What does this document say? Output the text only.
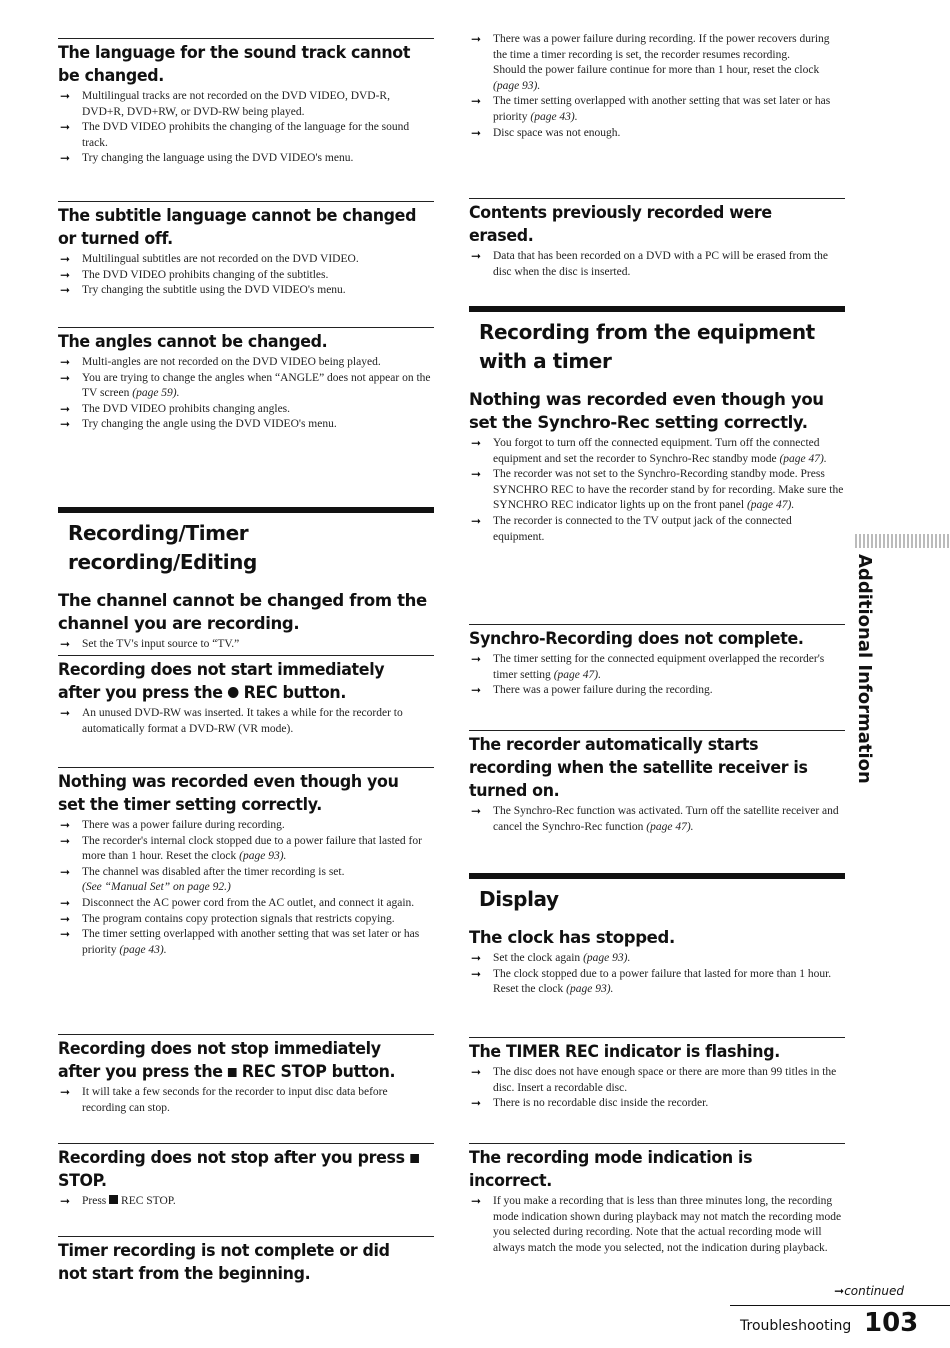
The language for the sound track cannot be changed.
➞ Multilingual tracks are not recorded on the DVD VIDEO, DVD-R, DVD+R, DVD+RW, or DVD-RW being played.
➞ The DVD VIDEO prohibits the changing of the language for the sound track.
➞ Try changing the language using the DVD VIDEO's menu.
The subtitle language cannot be changed or turned off.
➞ Multilingual subtitles are not recorded on the DVD VIDEO.
➞ The DVD VIDEO prohibits changing of the subtitles.
➞ Try changing the subtitle using the DVD VIDEO's menu.
The angles cannot be changed.
➞ Multi-angles are not recorded on the DVD VIDEO being played.
➞ You are trying to change the angles when “ANGLE” does not appear on the TV screen (page 59).
➞ The DVD VIDEO prohibits changing angles.
➞ Try changing the angle using the DVD VIDEO's menu.
Recording/Timer recording/Editing
The channel cannot be changed from the channel you are recording.
➞ Set the TV's input source to “TV.”
Recording does not start immediately after you press the REC button.
➞ An unused DVD-RW was inserted. It takes a while for the recorder to automatically format a DVD-RW (VR mode).
Nothing was recorded even though you set the timer setting correctly.
➞ There was a power failure during recording.
➞ The recorder's internal clock stopped due to a power failure that lasted for more than 1 hour. Reset the clock (page 93).
➞ The channel was disabled after the timer recording is set.
(See “Manual Set” on page 92.)
➞ Disconnect the AC power cord from the AC outlet, and connect it again.
➞ The program contains copy protection signals that restricts copying.
➞ The timer setting overlapped with another setting that was set later or has priority (page 43).
Recording does not stop immediately after you press the REC STOP button.
➞ It will take a few seconds for the recorder to input disc data before recording can stop.
Recording does not stop after you press  STOP.
➞ Press REC STOP.
Timer recording is not complete or did not start from the beginning.
➞ There was a power failure during recording. If the power recovers during the time a timer recording is set, the recorder resumes recording.
Should the power failure continue for more than 1 hour, reset the clock (page 93).
➞ The timer setting overlapped with another setting that was set later or has priority (page 43).
➞ Disc space was not enough.
Contents previously recorded were erased.
➞ Data that has been recorded on a DVD with a PC will be erased from the disc when the disc is inserted.
Recording from the equipment with a timer
Nothing was recorded even though you set the Synchro-Rec setting correctly.
➞ You forgot to turn off the connected equipment. Turn off the connected equipment and set the recorder to Synchro-Rec standby mode (page 47).
➞ The recorder was not set to the Synchro-Recording standby mode. Press SYNCHRO REC to have the recorder stand by for recording. Make sure the SYNCHRO REC indicator lights up on the front panel (page 47).
➞ The recorder is connected to the TV output jack of the connected equipment.
Synchro-Recording does not complete.
➞ The timer setting for the connected equipment overlapped the recorder's timer setting (page 47).
➞ There was a power failure during the recording.
The recorder automatically starts recording when the satellite receiver is turned on.
➞ The Synchro-Rec function was activated. Turn off the satellite receiver and cancel the Synchro-Rec function (page 47).
Display
The clock has stopped.
➞ Set the clock again (page 93).
➞ The clock stopped due to a power failure that lasted for more than 1 hour. Reset the clock (page 93).
The TIMER REC indicator is flashing.
➞ The disc does not have enough space or there are more than 99 titles in the disc. Insert a recordable disc.
➞ There is no recordable disc inside the recorder.
The recording mode indication is incorrect.
➞ If you make a recording that is less than three minutes long, the recording mode indication shown during playback may not match the recording mode you selected during recording. Note that the actual recording mode will always match the mode you selected, not the indication during playback.
Additional Information
➞continued
Troubleshooting 103
